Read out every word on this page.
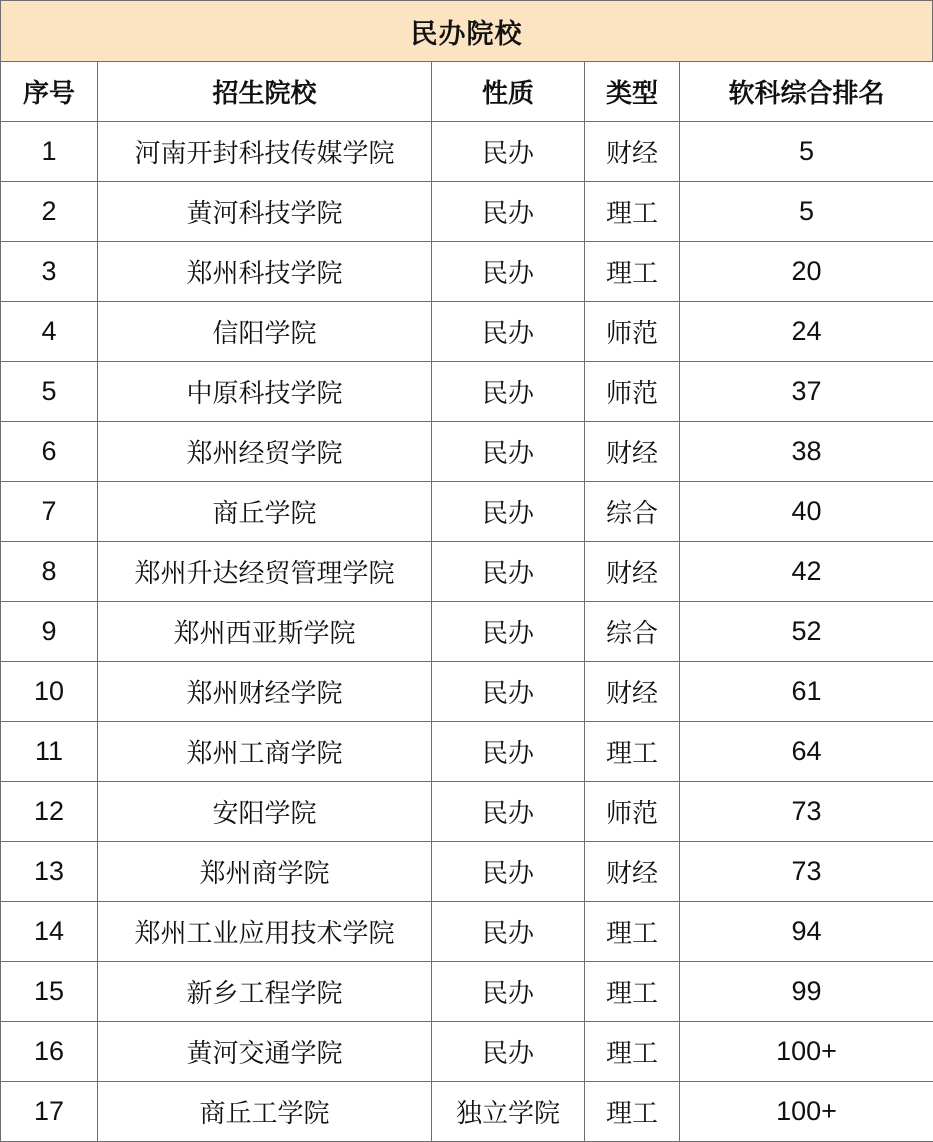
民办院校
序号	招生院校	性质	类型	软科综合排名
1	河南开封科技传媒学院	民办	财经	5
2	黄河科技学院	民办	理工	5
3	郑州科技学院	民办	理工	20
4	信阳学院	民办	师范	24
5	中原科技学院	民办	师范	37
6	郑州经贸学院	民办	财经	38
7	商丘学院	民办	综合	40
8	郑州升达经贸管理学院	民办	财经	42
9	郑州西亚斯学院	民办	综合	52
10	郑州财经学院	民办	财经	61
11	郑州工商学院	民办	理工	64
12	安阳学院	民办	师范	73
13	郑州商学院	民办	财经	73
14	郑州工业应用技术学院	民办	理工	94
15	新乡工程学院	民办	理工	99
16	黄河交通学院	民办	理工	100+
17	商丘工学院	独立学院	理工	100+
